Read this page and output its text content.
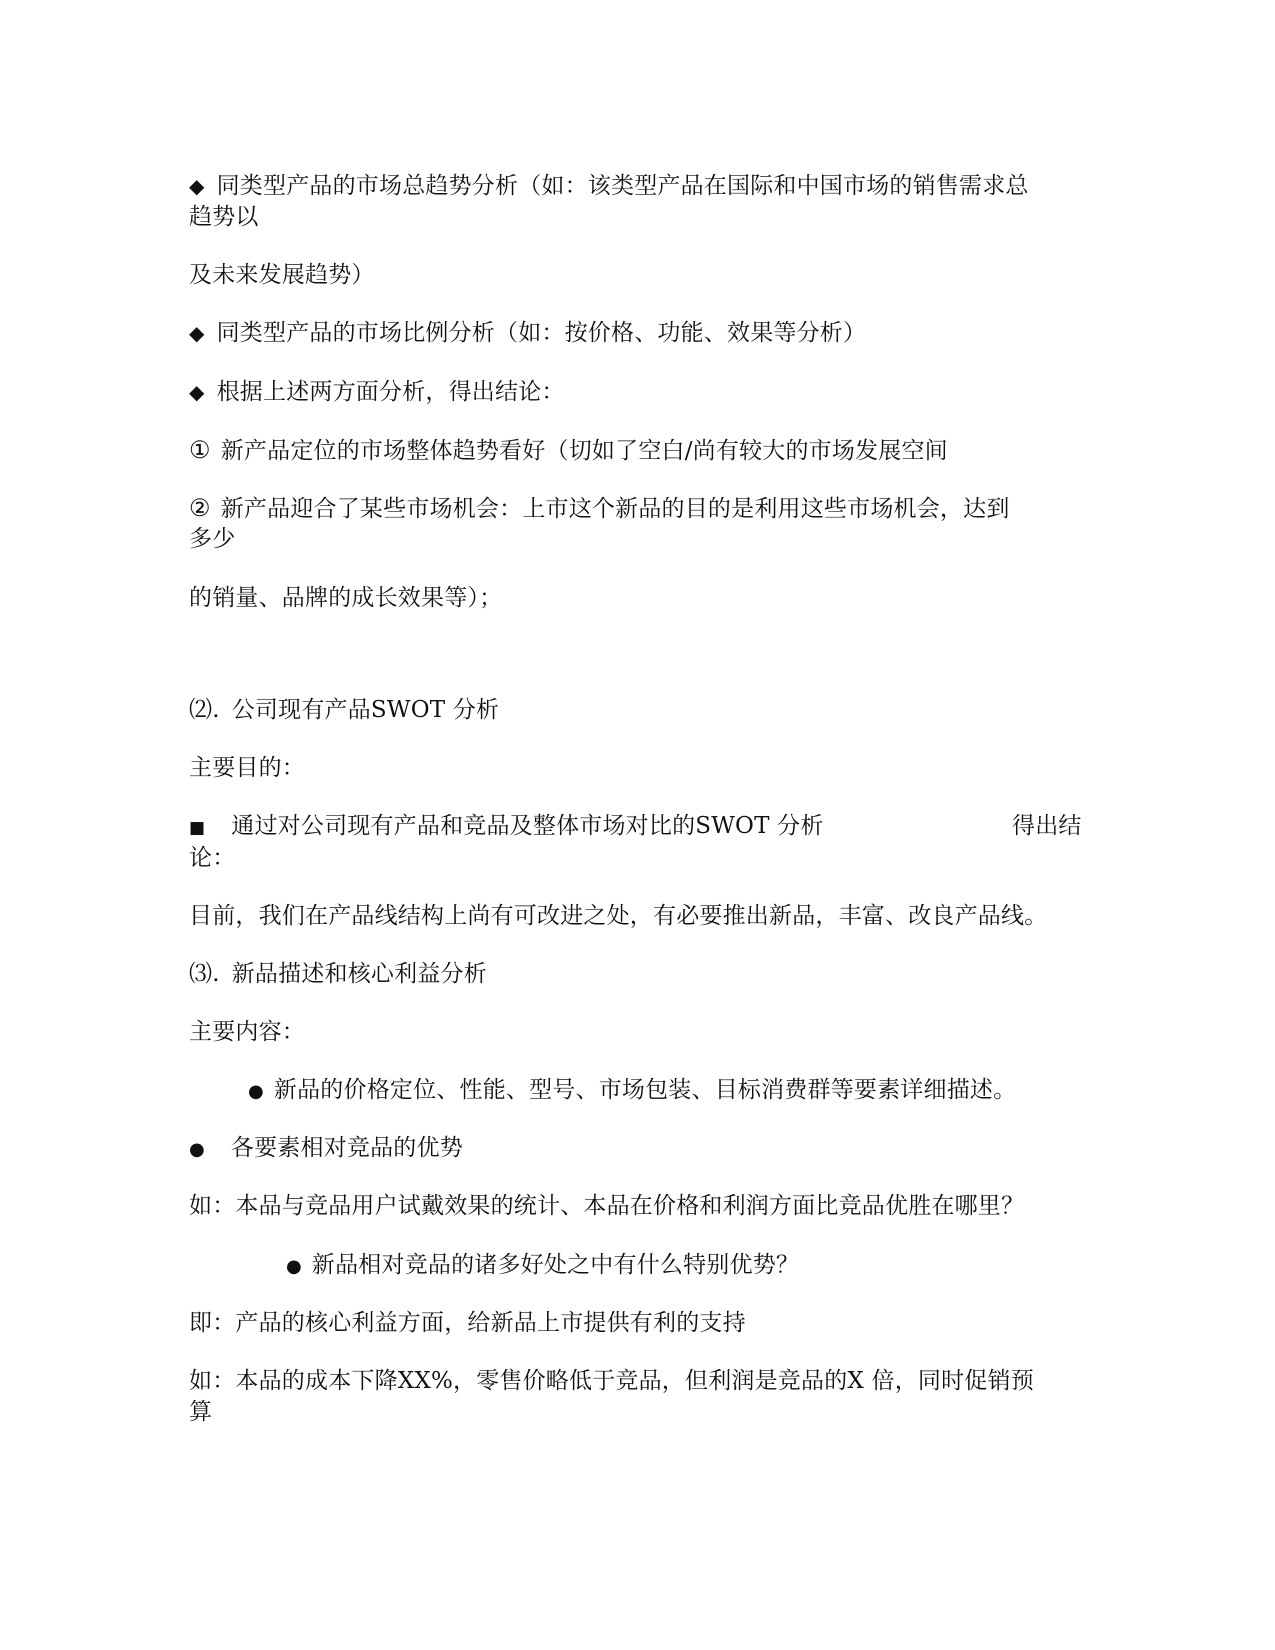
◆ 同类型产品的市场总趋势分析（如：该类型产品在国际和中国市场的销售需求总
趋势以
及未来发展趋势）
◆ 同类型产品的市场比例分析（如：按价格、功能、效果等分析）
◆ 根据上述两方面分析，得出结论：
① 新产品定位的市场整体趋势看好（切如了空白/尚有较大的市场发展空间
② 新产品迎合了某些市场机会：上市这个新品的目的是利用这些市场机会，达到
多少
的销量、品牌的成长效果等）；
⑵. 公司现有产品SWOT 分析
主要目的：
■ 通过对公司现有产品和竞品及整体市场对比的SWOT 分析	得出结
论：
目前，我们在产品线结构上尚有可改进之处，有必要推出新品，丰富、改良产品线。
⑶. 新品描述和核心利益分析
主要内容：
● 新品的价格定位、性能、型号、市场包装、目标消费群等要素详细描述。
● 各要素相对竞品的优势
如：本品与竞品用户试戴效果的统计、本品在价格和利润方面比竞品优胜在哪里？
● 新品相对竞品的诸多好处之中有什么特别优势？
即：产品的核心利益方面，给新品上市提供有利的支持
如：本品的成本下降XX%，零售价略低于竞品，但利润是竞品的X 倍，同时促销预
算
